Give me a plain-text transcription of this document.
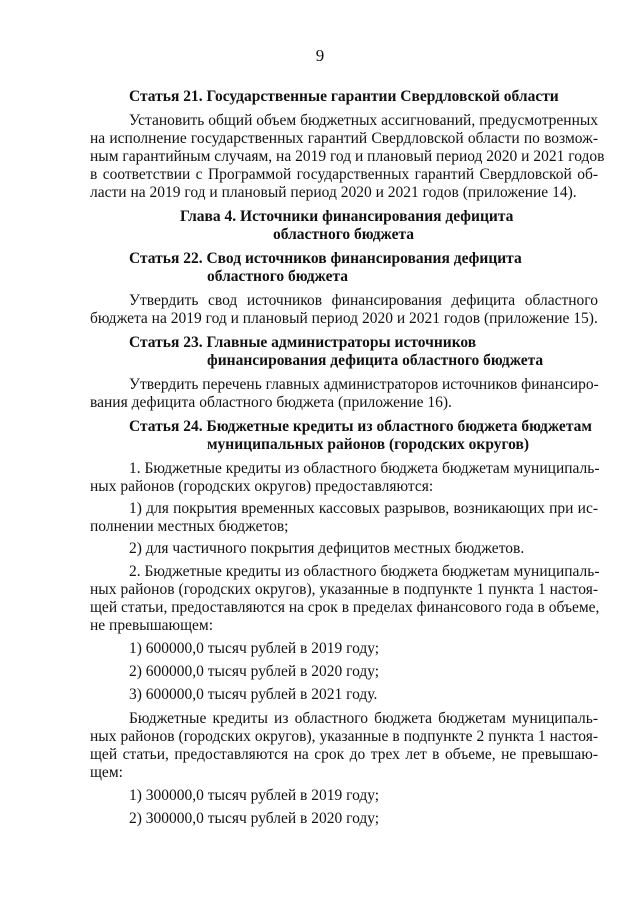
9
Статья 21. Государственные гарантии Свердловской области
Установить общий объем бюджетных ассигнований, предусмотренных
на исполнение государственных гарантий Свердловской области по возмож-
ным гарантийным случаям, на 2019 год и плановый период 2020 и 2021 годов
в соответствии с Программой государственных гарантий Свердловской об-
ласти на 2019 год и плановый период 2020 и 2021 годов (приложение 14).
Глава 4. Источники финансирования дефицита
областного бюджета
Статья 22. Свод источников финансирования дефицита
областного бюджета
Утвердить свод источников финансирования дефицита областного
бюджета на 2019 год и плановый период 2020 и 2021 годов (приложение 15).
Статья 23. Главные администраторы источников
финансирования дефицита областного бюджета
Утвердить перечень главных администраторов источников финансиро-
вания дефицита областного бюджета (приложение 16).
Статья 24. Бюджетные кредиты из областного бюджета бюджетам
муниципальных районов (городских округов)
1. Бюджетные кредиты из областного бюджета бюджетам муниципаль-
ных районов (городских округов) предоставляются:
1) для покрытия временных кассовых разрывов, возникающих при ис-
полнении местных бюджетов;
2) для частичного покрытия дефицитов местных бюджетов.
2. Бюджетные кредиты из областного бюджета бюджетам муниципаль-
ных районов (городских округов), указанные в подпункте 1 пункта 1 настоя-
щей статьи, предоставляются на срок в пределах финансового года в объеме,
не превышающем:
1) 600000,0 тысяч рублей в 2019 году;
2) 600000,0 тысяч рублей в 2020 году;
3) 600000,0 тысяч рублей в 2021 году.
Бюджетные кредиты из областного бюджета бюджетам муниципаль-
ных районов (городских округов), указанные в подпункте 2 пункта 1 настоя-
щей статьи, предоставляются на срок до трех лет в объеме, не превышаю-
щем:
1) 300000,0 тысяч рублей в 2019 году;
2) 300000,0 тысяч рублей в 2020 году;
